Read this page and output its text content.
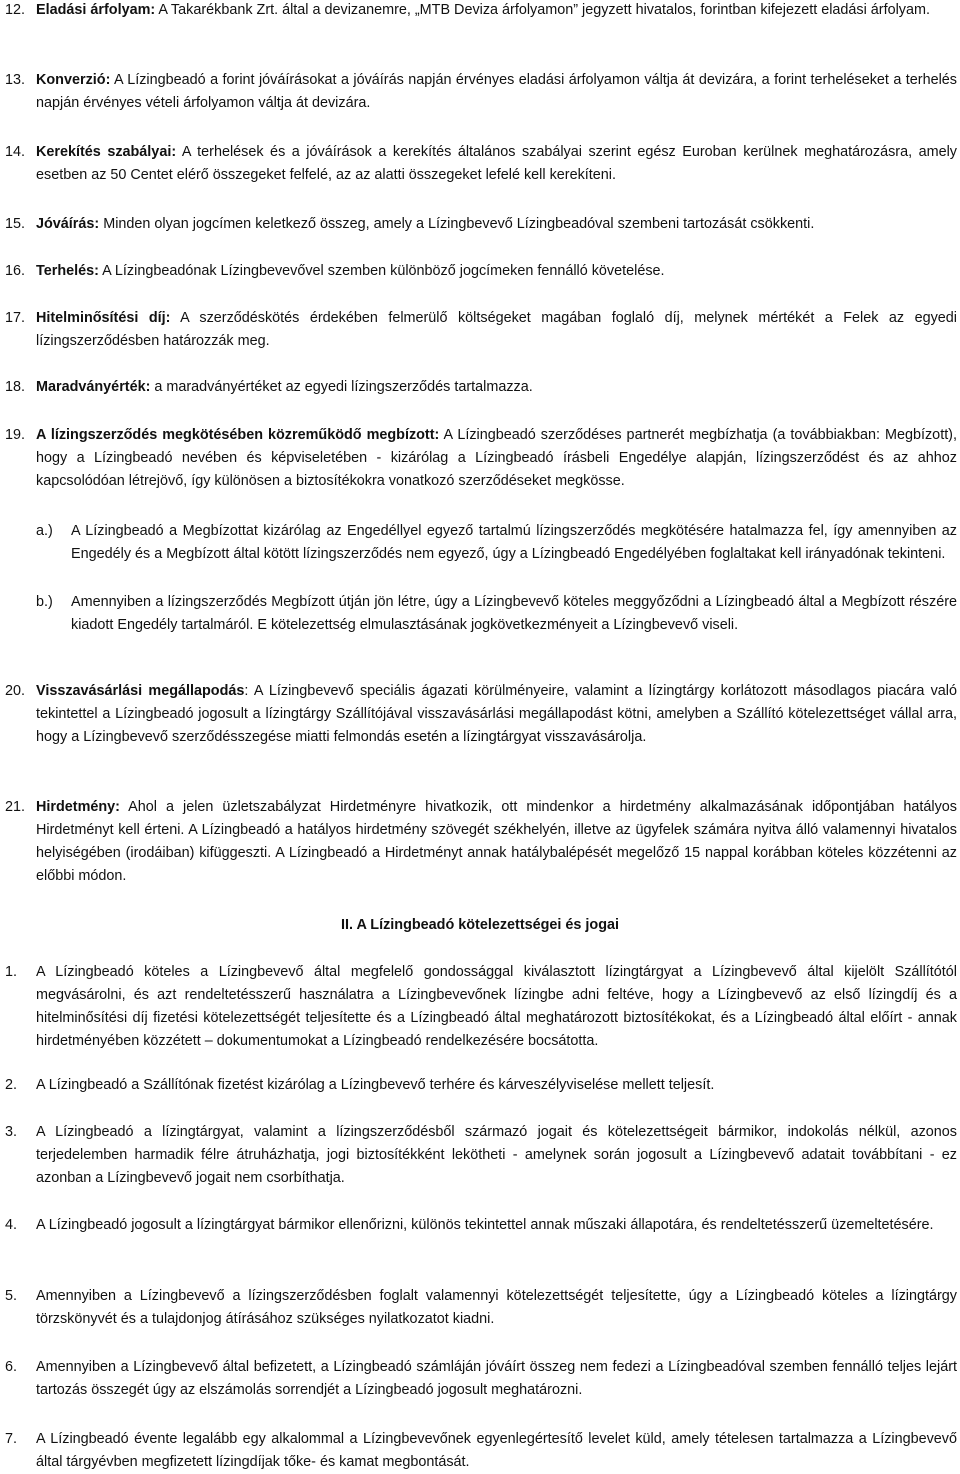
12. Eladási árfolyam: A Takarékbank Zrt. által a devizanemre, „MTB Deviza árfolyamon” jegyzett hivatalos, forintban kifejezett eladási árfolyam.
13. Konverzió: A Lízingbeadó a forint jóváírásokat a jóváírás napján érvényes eladási árfolyamon váltja át devizára, a forint terheléseket a terhelés napján érvényes vételi árfolyamon váltja át devizára.
14. Kerekítés szabályai: A terhelések és a jóváírások a kerekítés általános szabályai szerint egész Euroban kerülnek meghatározásra, amely esetben az 50 Centet elérő összegeket felfelé, az az alatti összegeket lefelé kell kerekíteni.
15. Jóváírás: Minden olyan jogcímen keletkező összeg, amely a Lízingbevevő Lízingbeadóval szembeni tartozását csökkenti.
16. Terhelés: A Lízingbeadónak Lízingbevevővel szemben különböző jogcímeken fennálló követelése.
17. Hitelminősítési díj: A szerződéskötés érdekében felmerülő költségeket magában foglaló díj, melynek mértékét a Felek az egyedi lízingszerződésben határozzák meg.
18. Maradványérték: a maradványértéket az egyedi lízingszerződés tartalmazza.
19. A lízingszerződés megkötésében közreműködő megbízott: A Lízingbeadó szerződéses partnerét megbízhatja (a továbbiakban: Megbízott), hogy a Lízingbeadó nevében és képviseletében - kizárólag a Lízingbeadó írásbeli Engedélye alapján, lízingszerződést és az ahhoz kapcsolódóan létrejövő, így különösen a biztosítékokra vonatkozó szerződéseket megkösse.
a.) A Lízingbeadó a Megbízottat kizárólag az Engedéllyel egyező tartalmú lízingszerződés megkötésére hatalmazza fel, így amennyiben az Engedély és a Megbízott által kötött lízingszerződés nem egyező, úgy a Lízingbeadó Engedélyében foglaltakat kell irányadónak tekinteni.
b.) Amennyiben a lízingszerződés Megbízott útján jön létre, úgy a Lízingbevevő köteles meggyőződni a Lízingbeadó által a Megbízott részére kiadott Engedély tartalmáról. E kötelezettség elmulasztásának jogkövetkezményeit a Lízingbevevő viseli.
20. Visszavásárlási megállapodás: A Lízingbevevő speciális ágazati körülményeire, valamint a lízingtárgy korlátozott másodlagos piacára való tekintettel a Lízingbeadó jogosult a lízingtárgy Szállítójával visszavásárlási megállapodást kötni, amelyben a Szállító kötelezettséget vállal arra, hogy a Lízingbevevő szerződésszegése miatti felmondás esetén a lízingtárgyat visszavásárolja.
21. Hirdetmény: Ahol a jelen üzletszabályzat Hirdetményre hivatkozik, ott mindenkor a hirdetmény alkalmazásának időpontjában hatályos Hirdetményt kell érteni. A Lízingbeadó a hatályos hirdetmény szövegét székhelyén, illetve az ügyfelek számára nyitva álló valamennyi hivatalos helyiségében (irodáiban) kifüggeszti. A Lízingbeadó a Hirdetményt annak hatálybalépését megelőző 15 nappal korábban köteles közzétenni az előbbi módon.
II. A Lízingbeadó kötelezettségei és jogai
1. A Lízingbeadó köteles a Lízingbevevő által megfelelő gondossággal kiválasztott lízingtárgyat a Lízingbevevő által kijelölt Szállítótól megvásárolni, és azt rendeltetésszerű használatra a Lízingbevevőnek lízingbe adni feltéve, hogy a Lízingbevevő az első lízingdíj és a hitelminősítési díj fizetési kötelezettségét teljesítette és a Lízingbeadó által meghatározott biztosítékokat, és a Lízingbeadó által előírt - annak hirdetményében közzétett – dokumentumokat a Lízingbeadó rendelkezésére bocsátotta.
2. A Lízingbeadó a Szállítónak fizetést kizárólag a Lízingbevevő terhére és kárveszélyviselése mellett teljesít.
3. A Lízingbeadó a lízingtárgyat, valamint a lízingszerződésből származó jogait és kötelezettségeit bármikor, indokolás nélkül, azonos terjedelemben harmadik félre átruházhatja, jogi biztosítékként lekötheti - amelynek során jogosult a Lízingbevevő adatait továbbítani - ez azonban a Lízingbevevő jogait nem csorbíthatja.
4. A Lízingbeadó jogosult a lízingtárgyat bármikor ellenőrizni, különös tekintettel annak műszaki állapotára, és rendeltetésszerű üzemeltetésére.
5. Amennyiben a Lízingbevevő a lízingszerződésben foglalt valamennyi kötelezettségét teljesítette, úgy a Lízingbeadó köteles a lízingtárgy törzskönyvét és a tulajdonjog átírásához szükséges nyilatkozatot kiadni.
6. Amennyiben a Lízingbevevő által befizetett, a Lízingbeadó számláján jóváírt összeg nem fedezi a Lízingbeadóval szemben fennálló teljes lejárt tartozás összegét úgy az elszámolás sorrendjét a Lízingbeadó jogosult meghatározni.
7. A Lízingbeadó évente legalább egy alkalommal a Lízingbevevőnek egyenlegértesítő levelet küld, amely tételesen tartalmazza a Lízingbevevő által tárgyévben megfizetett lízingdíjak tőke- és kamat megbontását.
